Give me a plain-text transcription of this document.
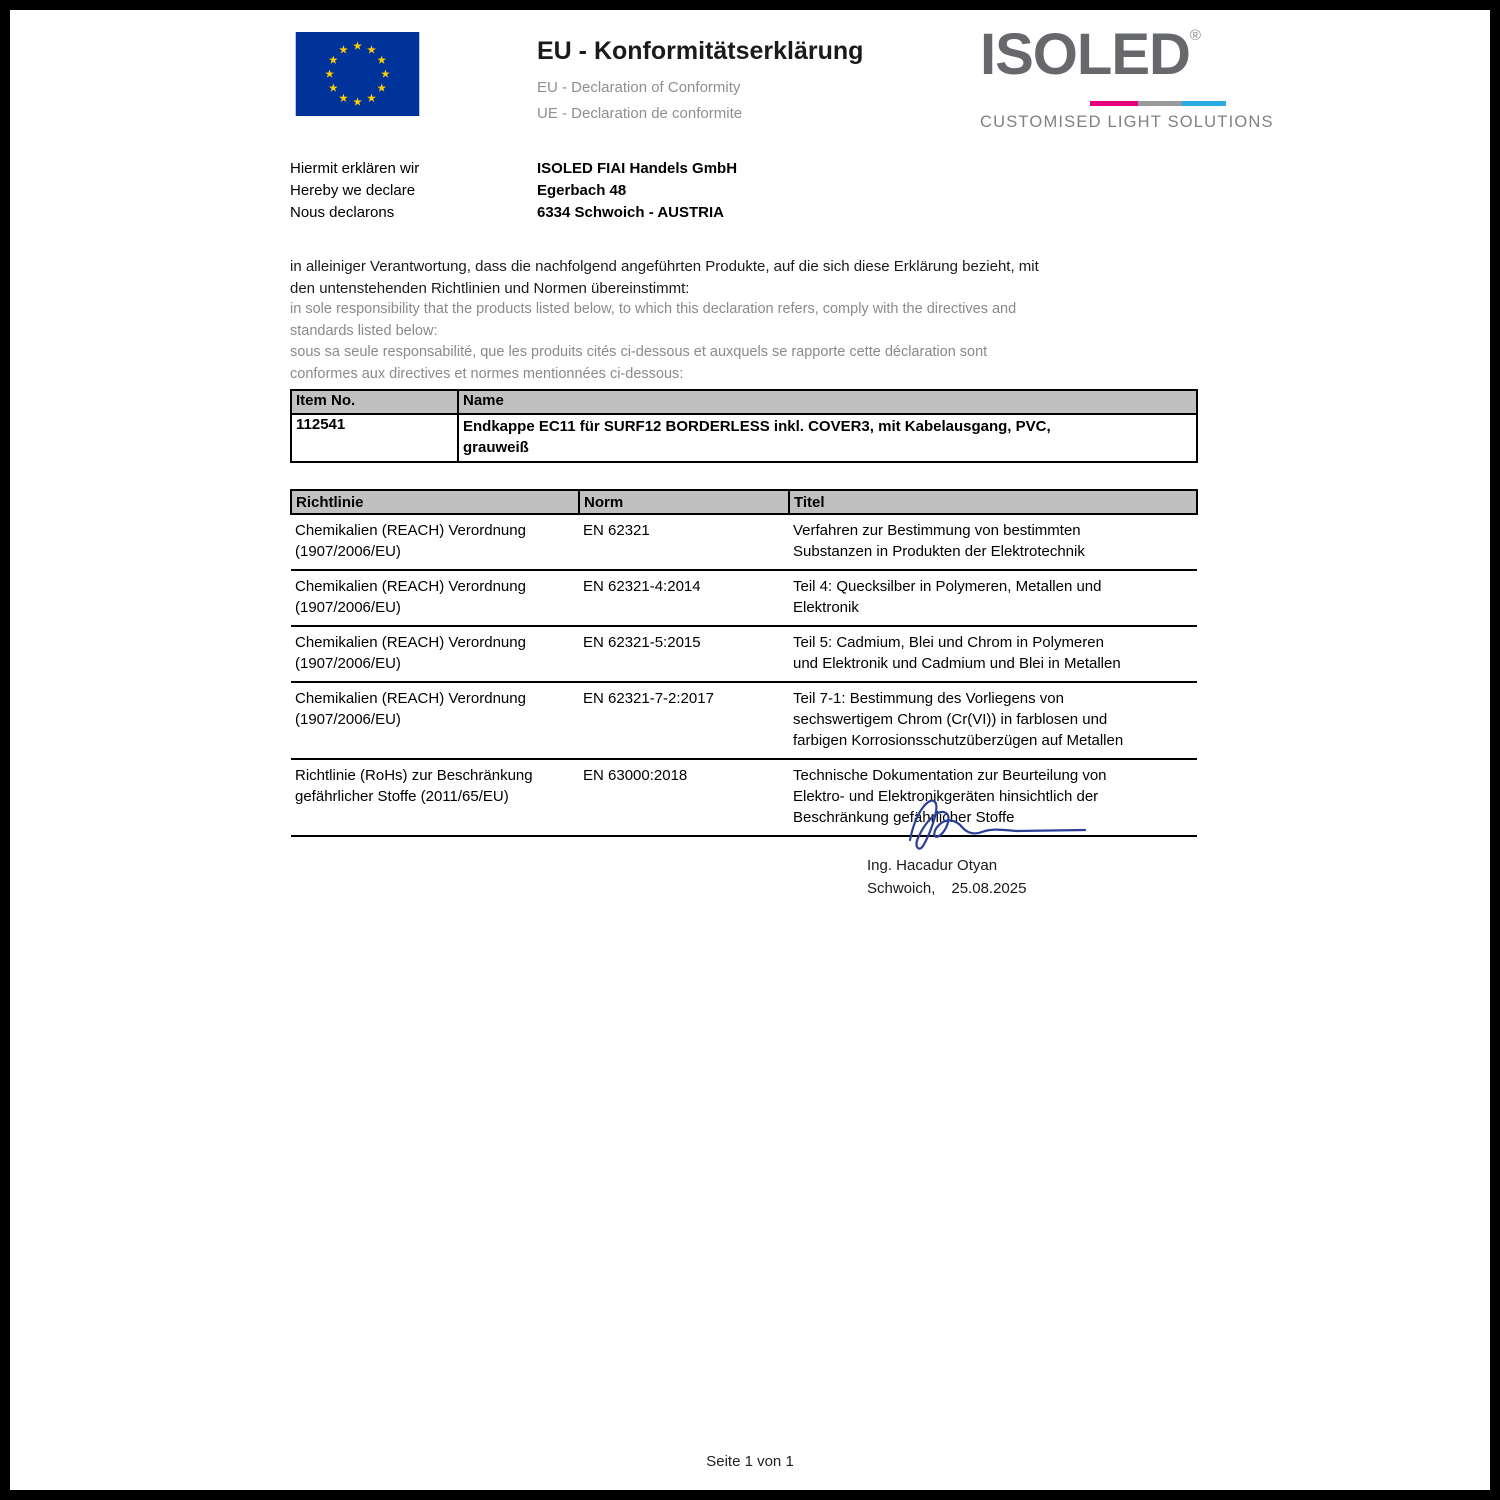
EU - Konformitätserklärung
EU - Declaration of Conformity
UE - Declaration de conformite
ISOLED®
CUSTOMISED LIGHT SOLUTIONS
Hiermit erklären wir
Hereby we declare
Nous declarons
ISOLED FIAI Handels GmbH
Egerbach 48
6334 Schwoich - AUSTRIA

in alleiniger Verantwortung, dass die nachfolgend angeführten Produkte, auf die sich diese Erklärung bezieht, mit den untenstehenden Richtlinien und Normen übereinstimmt:

in sole responsibility that the products listed below, to which this declaration refers, comply with the directives and standards listed below:

sous sa seule responsabilité, que les produits cités ci-dessous et auxquels se rapporte cette déclaration sont conformes aux directives et normes mentionnées ci-dessous:

Item No.	Name
112541	Endkappe EC11 für SURF12 BORDERLESS inkl. COVER3, mit Kabelausgang, PVC, grauweiß
Richtlinie	Norm	Titel
Chemikalien (REACH) Verordnung (1907/2006/EU)	EN 62321	Verfahren zur Bestimmung von bestimmten Substanzen in Produkten der Elektrotechnik
Chemikalien (REACH) Verordnung (1907/2006/EU)	EN 62321-4:2014	Teil 4: Quecksilber in Polymeren, Metallen und Elektronik
Chemikalien (REACH) Verordnung (1907/2006/EU)	EN 62321-5:2015	Teil 5: Cadmium, Blei und Chrom in Polymeren und Elektronik und Cadmium und Blei in Metallen
Chemikalien (REACH) Verordnung (1907/2006/EU)	EN 62321-7-2:2017	Teil 7-1: Bestimmung des Vorliegens von sechswertigem Chrom (Cr(VI)) in farblosen und farbigen Korrosionsschutzüberzügen auf Metallen
Richtlinie (RoHs) zur Beschränkung gefährlicher Stoffe (2011/65/EU)	EN 63000:2018	Technische Dokumentation zur Beurteilung von Elektro- und Elektronikgeräten hinsichtlich der Beschränkung gefährlicher Stoffe
Ing. Hacadur Otyan
Schwoich, 25.08.2025
Seite 1 von 1
